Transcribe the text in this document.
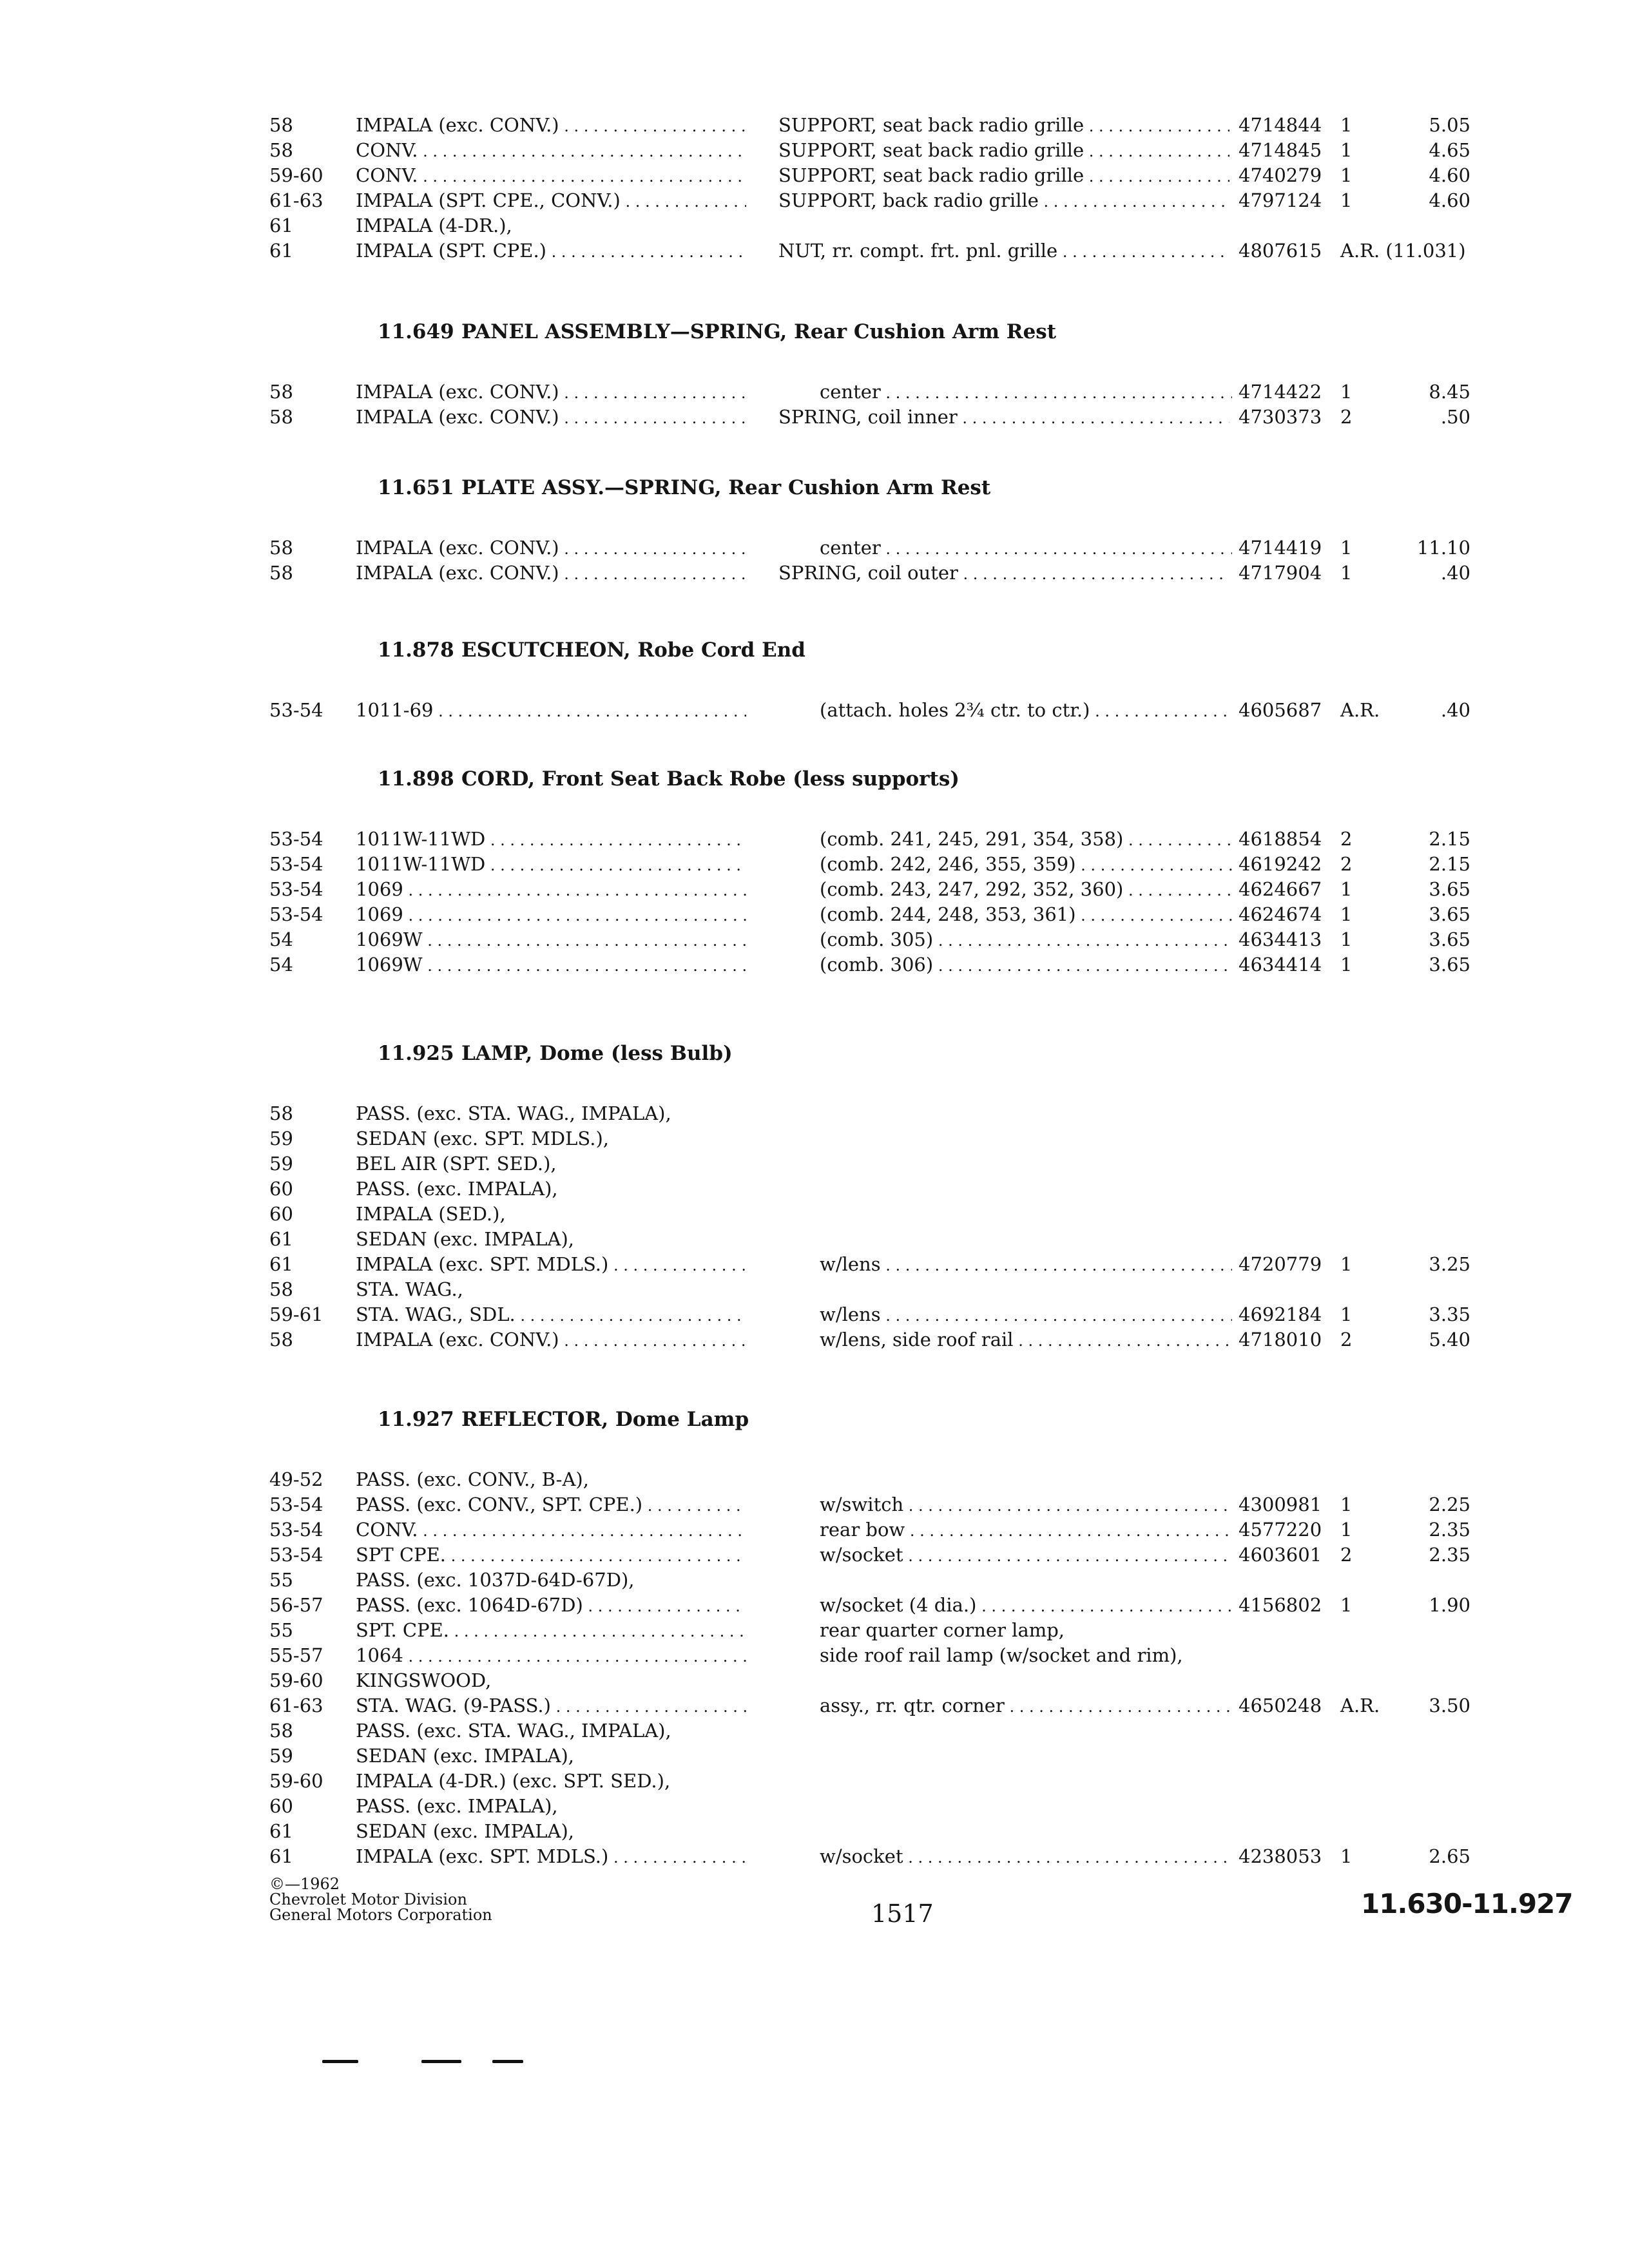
58	IMPALA (exc. CONV.) . . .	SUPPORT, seat back radio grille . . .	4714844 1	5.05
58	CONV. . . .	SUPPORT, seat back radio grille . . .	4714845 1	4.65
59-60 CONV. . . .	SUPPORT, seat back radio grille . . .	4740279 1	4.60
61-63 IMPALA (SPT. CPE., CONV.) . . .	SUPPORT, back radio grille . . .	4797124 1	4.60
61	IMPALA (4-DR.),
61	IMPALA (SPT. CPE.) . . .	NUT, rr. compt. frt. pnl. grille . . .	4807615 A.R. (11.031)
11.649 PANEL ASSEMBLY—SPRING, Rear Cushion Arm Rest
58	IMPALA (exc. CONV.) . . .	center . . .	4714422 1	8.45
58	IMPALA (exc. CONV.) . . .	SPRING, coil inner . . .	4730373 2	.50
11.651 PLATE ASSY.—SPRING, Rear Cushion Arm Rest
58	IMPALA (exc. CONV.) . . .	center . . .	4714419 1	11.10
58	IMPALA (exc. CONV.) . . .	SPRING, coil outer . . .	4717904 1	.40
11.878 ESCUTCHEON, Robe Cord End
53-54 1011-69 . . .	(attach. holes 2¾ ctr. to ctr.) . . .	4605687 A.R.	.40
11.898 CORD, Front Seat Back Robe (less supports)
53-54 1011W-11WD . . .	(comb. 241, 245, 291, 354, 358) . . .	4618854 2	2.15
53-54 1011W-11WD . . .	(comb. 242, 246, 355, 359) . . .	4619242 2	2.15
53-54 1069 . . .	(comb. 243, 247, 292, 352, 360) . . .	4624667 1	3.65
53-54 1069 . . .	(comb. 244, 248, 353, 361) . . .	4624674 1	3.65
54	1069W . . .	(comb. 305) . . .	4634413 1	3.65
54	1069W . . .	(comb. 306) . . .	4634414 1	3.65
11.925 LAMP, Dome (less Bulb)
58	PASS. (exc. STA. WAG., IMPALA),
59	SEDAN (exc. SPT. MDLS.),
59	BEL AIR (SPT. SED.),
60	PASS. (exc. IMPALA),
60	IMPALA (SED.),
61	SEDAN (exc. IMPALA),
61	IMPALA (exc. SPT. MDLS.) . . .	w/lens . . .	4720779 1	3.25
58	STA. WAG.,
59-61 STA. WAG., SDL. . . .	w/lens . . .	4692184 1	3.35
58	IMPALA (exc. CONV.) . . .	w/lens, side roof rail . . .	4718010 2	5.40
11.927 REFLECTOR, Dome Lamp
49-52 PASS. (exc. CONV., B-A),
53-54 PASS. (exc. CONV., SPT. CPE.) . . .	w/switch . . .	4300981 1	2.25
53-54 CONV. . . .	rear bow . . .	4577220 1	2.35
53-54 SPT CPE. . . .	w/socket . . .	4603601 2	2.35
55	PASS. (exc. 1037D-64D-67D),
56-57 PASS. (exc. 1064D-67D) . . .	w/socket (4 dia.) . . .	4156802 1	1.90
55	SPT. CPE. . . .	rear quarter corner lamp,
55-57 1064 . . .	side roof rail lamp (w/socket and rim),
59-60 KINGSWOOD,
61-63 STA. WAG. (9-PASS.) . . .	assy., rr. qtr. corner . . .	4650248 A.R.	3.50
58	PASS. (exc. STA. WAG., IMPALA),
59	SEDAN (exc. IMPALA),
59-60 IMPALA (4-DR.) (exc. SPT. SED.),
60	PASS. (exc. IMPALA),
61	SEDAN (exc. IMPALA),
61	IMPALA (exc. SPT. MDLS.) . . .	w/socket . . .	4238053 1	2.65
©—1962
Chevrolet Motor Division
General Motors Corporation	1517	11.630-11.927
